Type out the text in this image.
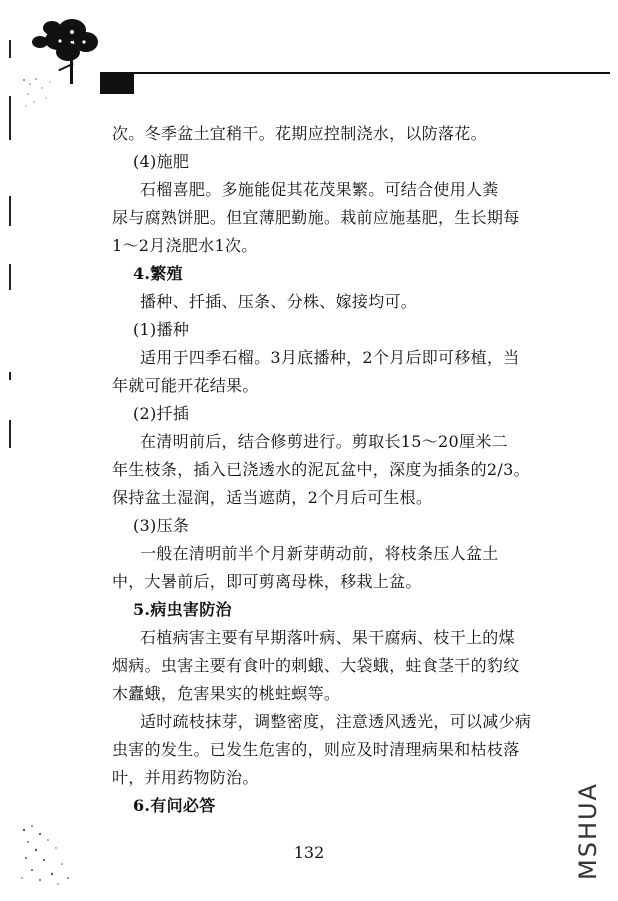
次。冬季盆土宜稍干。花期应控制浇水，以防落花。
(4)施肥
石榴喜肥。多施能促其花茂果繁。可结合使用人粪
尿与腐熟饼肥。但宜薄肥勤施。栽前应施基肥，生长期每
1～2月浇肥水1次。
4.繁殖
播种、扦插、压条、分株、嫁接均可。
(1)播种
适用于四季石榴。3月底播种，2个月后即可移植，当
年就可能开花结果。
(2)扦插
在清明前后，结合修剪进行。剪取长15～20厘米二
年生枝条，插入已浇透水的泥瓦盆中，深度为插条的2/3。
保持盆土湿润，适当遮荫，2个月后可生根。
(3)压条
一般在清明前半个月新芽萌动前，将枝条压人盆土
中，大暑前后，即可剪离母株，移栽上盆。
5.病虫害防治
石植病害主要有早期落叶病、果干腐病、枝干上的煤
烟病。虫害主要有食叶的刺蛾、大袋蛾，蛀食茎干的豹纹
木蠹蛾，危害果实的桃蛀螟等。
适时疏枝抹芽，调整密度，注意透风透光，可以减少病
虫害的发生。已发生危害的，则应及时清理病果和枯枝落
叶，并用药物防治。
6.有问必答
132	MSHUA
